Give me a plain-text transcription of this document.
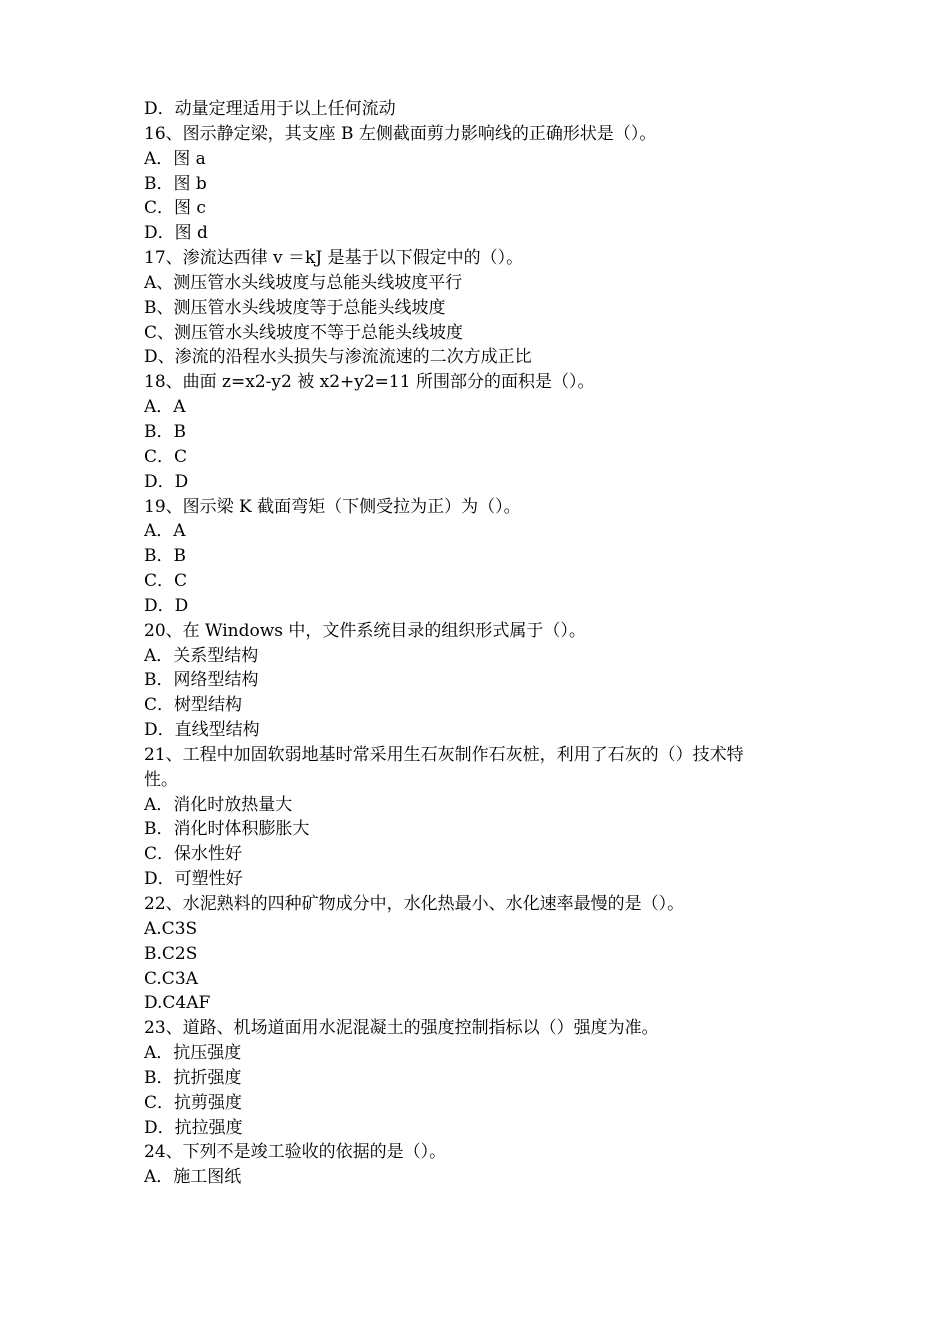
D．动量定理适用于以上任何流动
16、图示静定梁，其支座 B 左侧截面剪力影响线的正确形状是（）。
A．图 a
B．图 b
C．图 c
D．图 d
17、渗流达西律 v ＝kJ 是基于以下假定中的（）。
A、测压管水头线坡度与总能头线坡度平行
B、测压管水头线坡度等于总能头线坡度
C、测压管水头线坡度不等于总能头线坡度
D、渗流的沿程水头损失与渗流流速的二次方成正比
18、曲面 z=x2-y2 被 x2+y2=11 所围部分的面积是（）。
A．A
B．B
C．C
D．D
19、图示梁 K 截面弯矩（下侧受拉为正）为（）。
A．A
B．B
C．C
D．D
20、在 Windows 中，文件系统目录的组织形式属于（）。
A．关系型结构
B．网络型结构
C．树型结构
D．直线型结构
21、工程中加固软弱地基时常采用生石灰制作石灰桩，利用了石灰的（）技术特
性。
A．消化时放热量大
B．消化时体积膨胀大
C．保水性好
D．可塑性好
22、水泥熟料的四种矿物成分中，水化热最小、水化速率最慢的是（）。
A.C3S
B.C2S
C.C3A
D.C4AF
23、道路、机场道面用水泥混凝土的强度控制指标以（）强度为准。
A．抗压强度
B．抗折强度
C．抗剪强度
D．抗拉强度
24、下列不是竣工验收的依据的是（）。
A．施工图纸
